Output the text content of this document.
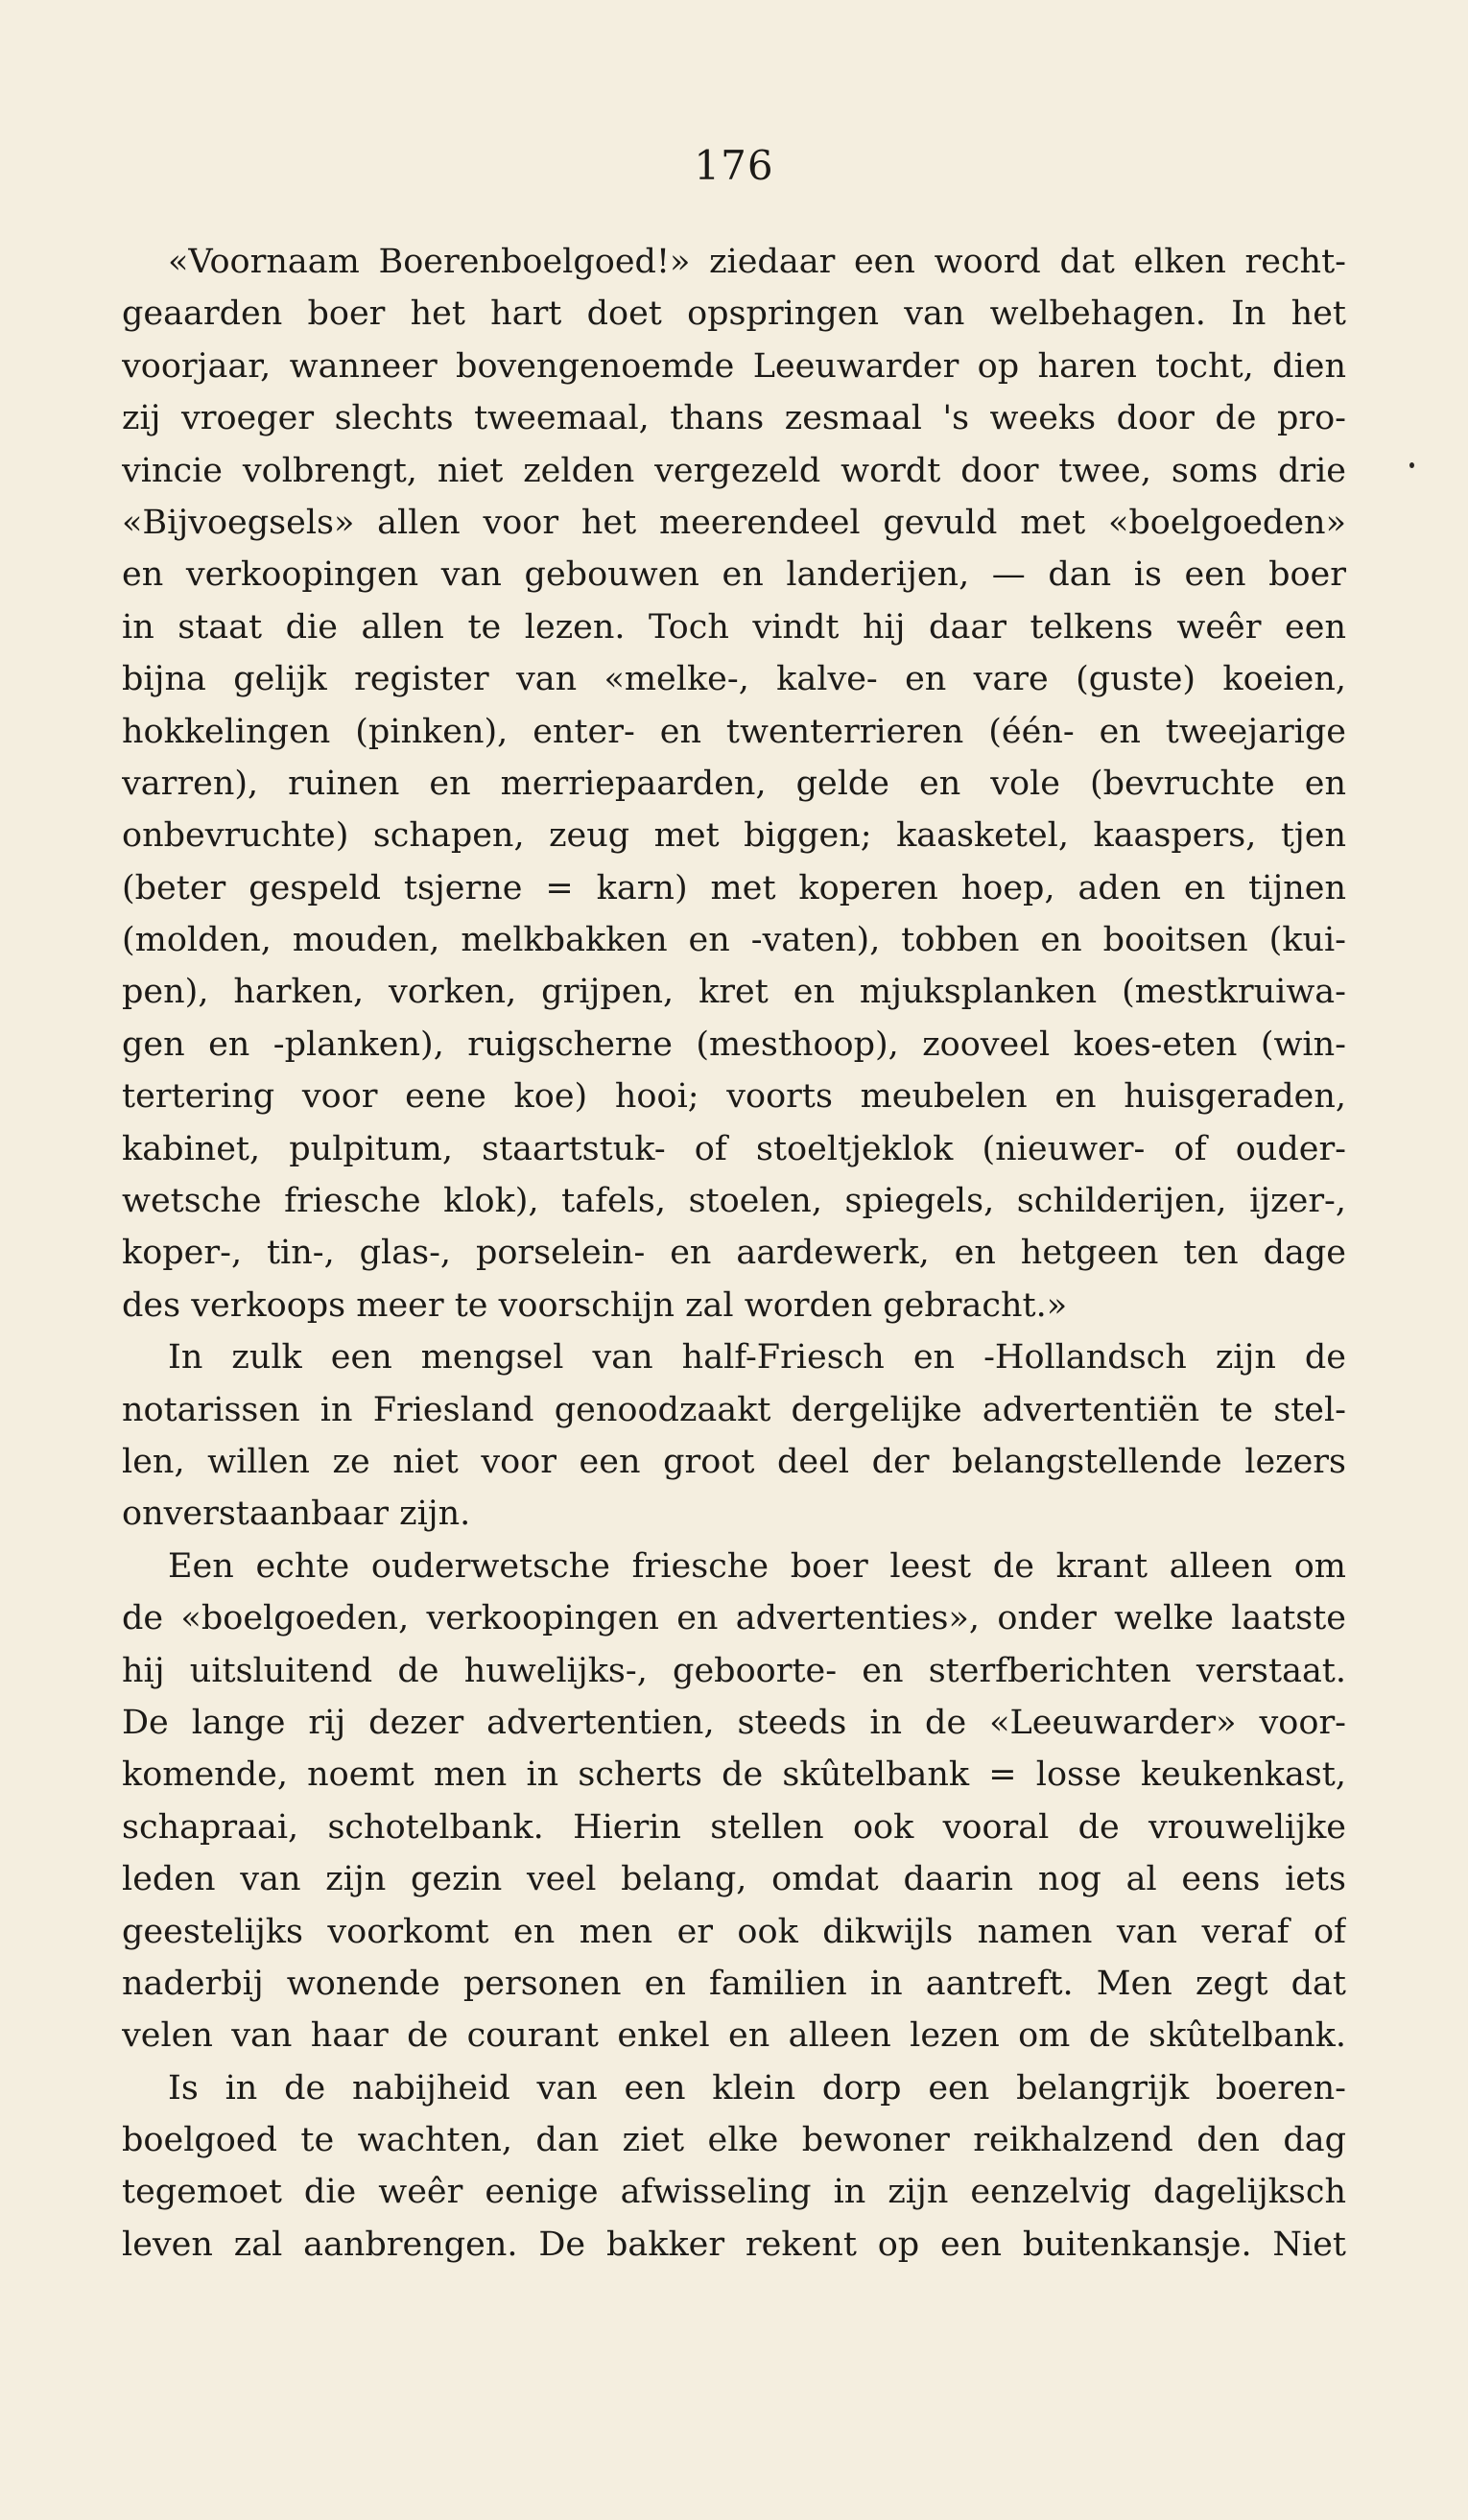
176
«Voornaam Boerenboelgoed!» ziedaar een woord dat elken recht-
geaarden boer het hart doet opspringen van welbehagen. In het
voorjaar, wanneer bovengenoemde Leeuwarder op haren tocht, dien
zij vroeger slechts tweemaal, thans zesmaal 's weeks door de pro-
vincie volbrengt, niet zelden vergezeld wordt door twee, soms drie
«Bijvoegsels» allen voor het meerendeel gevuld met «boelgoeden»
en verkoopingen van gebouwen en landerijen, — dan is een boer
in staat die allen te lezen. Toch vindt hij daar telkens weêr een
bijna gelijk register van «melke-, kalve- en vare (guste) koeien,
hokkelingen (pinken), enter- en twenterrieren (één- en tweejarige
varren), ruinen en merriepaarden, gelde en vole (bevruchte en
onbevruchte) schapen, zeug met biggen; kaasketel, kaaspers, tjen
(beter gespeld tsjerne = karn) met koperen hoep, aden en tijnen
(molden, mouden, melkbakken en -vaten), tobben en booitsen (kui-
pen), harken, vorken, grijpen, kret en mjuksplanken (mestkruiwa-
gen en -planken), ruigscherne (mesthoop), zooveel koes-eten (win-
tertering voor eene koe) hooi; voorts meubelen en huisgeraden,
kabinet, pulpitum, staartstuk- of stoeltjeklok (nieuwer- of ouder-
wetsche friesche klok), tafels, stoelen, spiegels, schilderijen, ijzer-,
koper-, tin-, glas-, porselein- en aardewerk, en hetgeen ten dage
des verkoops meer te voorschijn zal worden gebracht.»
In zulk een mengsel van half-Friesch en -Hollandsch zijn de
notarissen in Friesland genoodzaakt dergelijke advertentiën te stel-
len, willen ze niet voor een groot deel der belangstellende lezers
onverstaanbaar zijn.
Een echte ouderwetsche friesche boer leest de krant alleen om
de «boelgoeden, verkoopingen en advertenties», onder welke laatste
hij uitsluitend de huwelijks-, geboorte- en sterfberichten verstaat.
De lange rij dezer advertentien, steeds in de «Leeuwarder» voor-
komende, noemt men in scherts de skûtelbank = losse keukenkast,
schapraai, schotelbank. Hierin stellen ook vooral de vrouwelijke
leden van zijn gezin veel belang, omdat daarin nog al eens iets
geestelijks voorkomt en men er ook dikwijls namen van veraf of
naderbij wonende personen en familien in aantreft. Men zegt dat
velen van haar de courant enkel en alleen lezen om de skûtelbank.
Is in de nabijheid van een klein dorp een belangrijk boeren-
boelgoed te wachten, dan ziet elke bewoner reikhalzend den dag
tegemoet die weêr eenige afwisseling in zijn eenzelvig dagelijksch
leven zal aanbrengen. De bakker rekent op een buitenkansje. Niet
